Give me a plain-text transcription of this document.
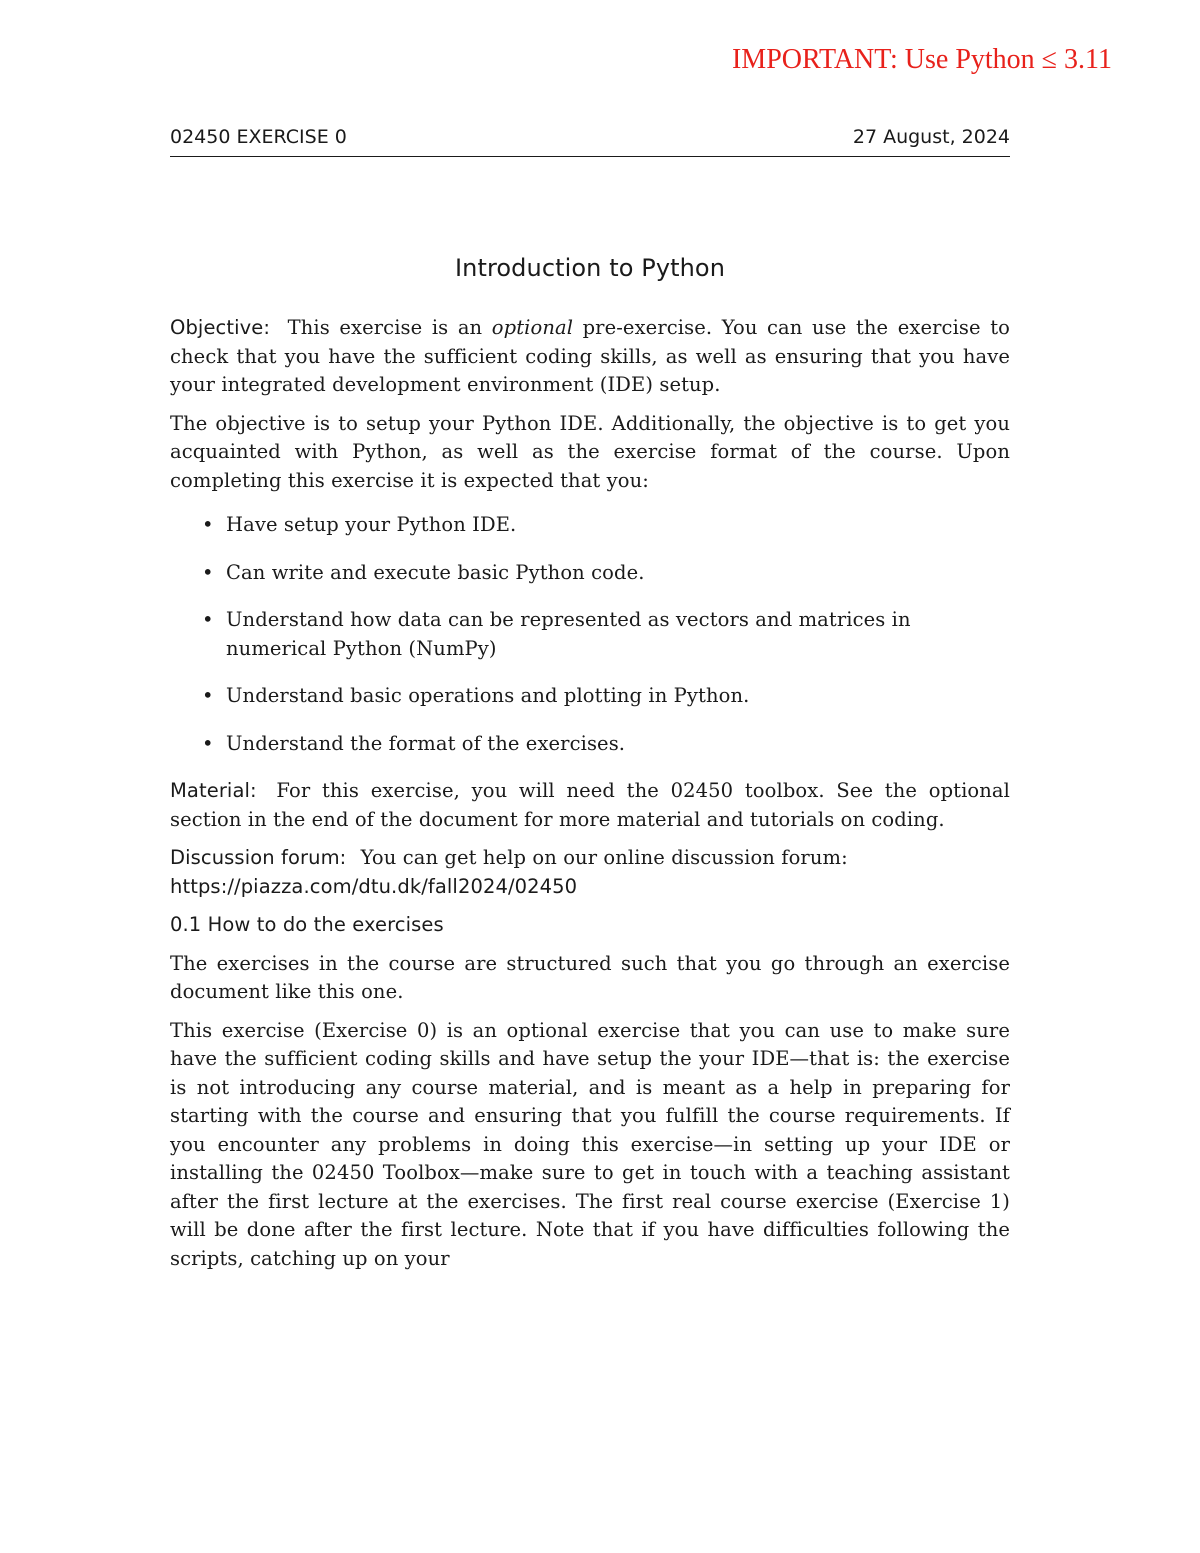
IMPORTANT: Use Python ≤ 3.11
02450 EXERCISE 0	27 August, 2024
Introduction to Python

Objective: This exercise is an optional pre-exercise. You can use the exercise to check that you have the sufficient coding skills, as well as ensuring that you have your integrated development environment (IDE) setup.

The objective is to setup your Python IDE. Additionally, the objective is to get you acquainted with Python, as well as the exercise format of the course. Upon completing this exercise it is expected that you:

• Have setup your Python IDE.
• Can write and execute basic Python code.
• Understand how data can be represented as vectors and matrices in numerical Python (NumPy)
• Understand basic operations and plotting in Python.
• Understand the format of the exercises.

Material: For this exercise, you will need the 02450 toolbox. See the optional section in the end of the document for more material and tutorials on coding.

Discussion forum: You can get help on our online discussion forum:
https://piazza.com/dtu.dk/fall2024/02450

0.1 How to do the exercises

The exercises in the course are structured such that you go through an exercise document like this one.

This exercise (Exercise 0) is an optional exercise that you can use to make sure have the sufficient coding skills and have setup the your IDE—that is: the exercise is not introducing any course material, and is meant as a help in preparing for starting with the course and ensuring that you fulfill the course requirements. If you encounter any problems in doing this exercise—in setting up your IDE or installing the 02450 Toolbox—make sure to get in touch with a teaching assistant after the first lecture at the exercises. The first real course exercise (Exercise 1) will be done after the first lecture. Note that if you have difficulties following the scripts, catching up on your
